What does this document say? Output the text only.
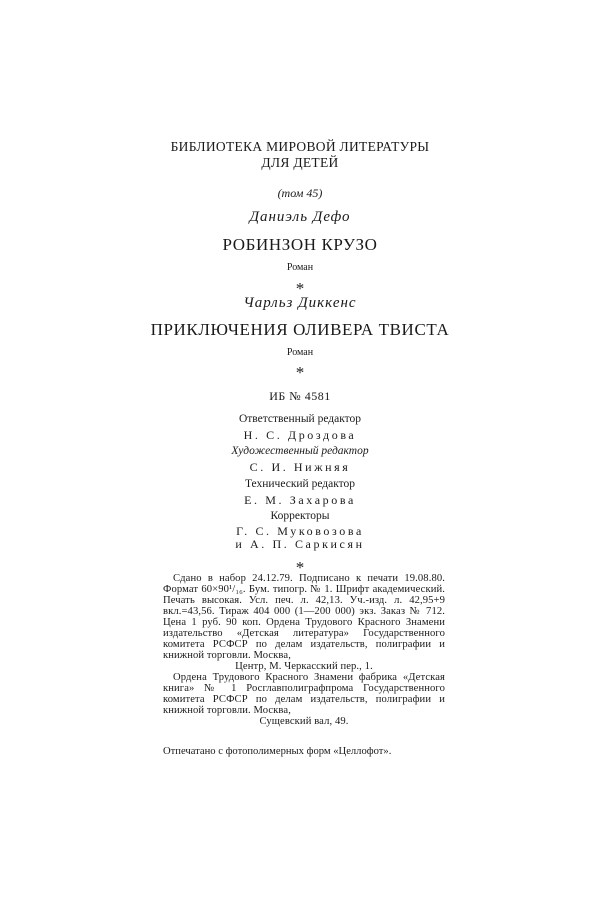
БИБЛИОТЕКА МИРОВОЙ ЛИТЕРАТУРЫ
ДЛЯ ДЕТЕЙ
(том 45)
Даниэль Дефо
РОБИНЗОН КРУЗО
Роман
*
Чарльз Диккенс
ПРИКЛЮЧЕНИЯ ОЛИВЕРА ТВИСТА
Роман
*
ИБ № 4581
Ответственный редактор
Н. С. Дроздова
Художественный редактор
С. И. Нижняя
Технический редактор
Е. М. Захарова
Корректоры
Г. С. Муковозова
и А. П. Саркисян
*

Сдано в набор 24.12.79. Подписано к печати 19.08.80. Формат 60×90¹/₁₆. Бум. типогр. № 1. Шрифт академический. Печать высокая. Усл. печ. л. 42,13. Уч.-изд. л. 42,95+9 вкл.=43,56. Тираж 404 000 (1—200 000) экз. Заказ № 712. Цена 1 руб. 90 коп. Ордена Трудового Красного Знамени издательство «Детская литература» Государственного комитета РСФСР по делам издательств, полиграфии и книжной торговли. Москва,

Центр, М. Черкасский пер., 1.

Ордена Трудового Красного Знамени фабрика «Детская книга» № 1 Росглавполиграфпрома Государственного комитета РСФСР по делам издательств, полиграфии и книжной торговли. Москва,

Сущевский вал, 49.

Отпечатано с фотополимерных форм «Целлофот».
